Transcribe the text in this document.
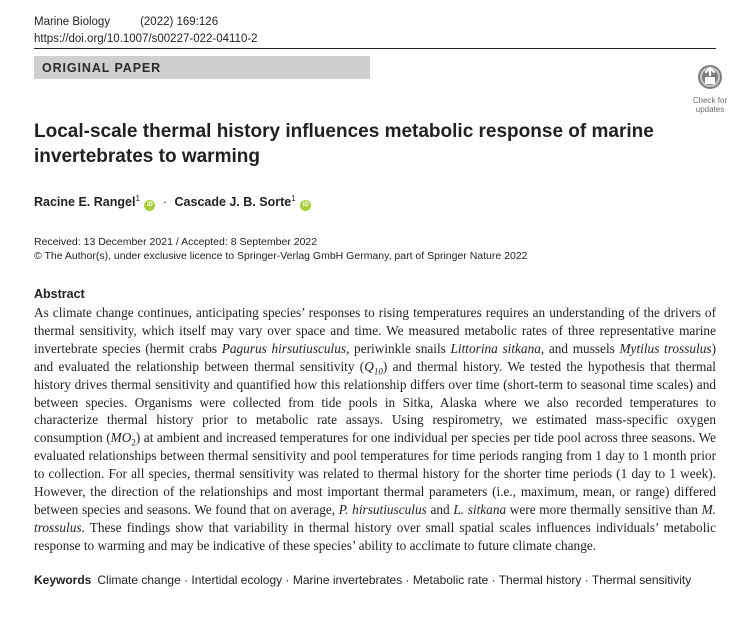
Marine Biology	(2022) 169:126
https://doi.org/10.1007/s00227-022-04110-2
ORIGINAL PAPER
Check for
updates
Local-scale thermal history influences metabolic response of marine invertebrates to warming
Racine E. Rangel$^1$ iD · Cascade J. B. Sorte$^1$ iD
Received: 13 December 2021 / Accepted: 8 September 2022
© The Author(s), under exclusive licence to Springer-Verlag GmbH Germany, part of Springer Nature 2022
Abstract

As climate change continues, anticipating species’ responses to rising temperatures requires an understanding of the drivers of thermal sensitivity, which itself may vary over space and time. We measured metabolic rates of three representative marine invertebrate species (hermit crabs Pagurus hirsutiusculus, periwinkle snails Littorina sitkana, and mussels Mytilus trossulus) and evaluated the relationship between thermal sensitivity $(Q_{10})$ and thermal history. We tested the hypothesis that thermal history drives thermal sensitivity and quantified how this relationship differs over time (short-term to seasonal time scales) and between species. Organisms were collected from tide pools in Sitka, Alaska where we also recorded temperatures to characterize thermal history prior to metabolic rate assays. Using respirometry, we estimated mass-specific oxygen consumption $(MO_2)$ at ambient and increased temperatures for one individual per species per tide pool across three seasons. We evaluated relationships between thermal sensitivity and pool temperatures for time periods ranging from 1 day to 1 month prior to collection. For all species, thermal sensitivity was related to thermal history for the shorter time periods (1 day to 1 week). However, the direction of the relationships and most important thermal parameters (i.e., maximum, mean, or range) differed between species and seasons. We found that on average, P. hirsutiusculus and L. sitkana were more thermally sensitive than M. trossulus. These findings show that variability in thermal history over small spatial scales influences individuals’ metabolic response to warming and may be indicative of these species’ ability to acclimate to future climate change.

Keywords Climate change · Intertidal ecology · Marine invertebrates · Metabolic rate · Thermal history · Thermal sensitivity
